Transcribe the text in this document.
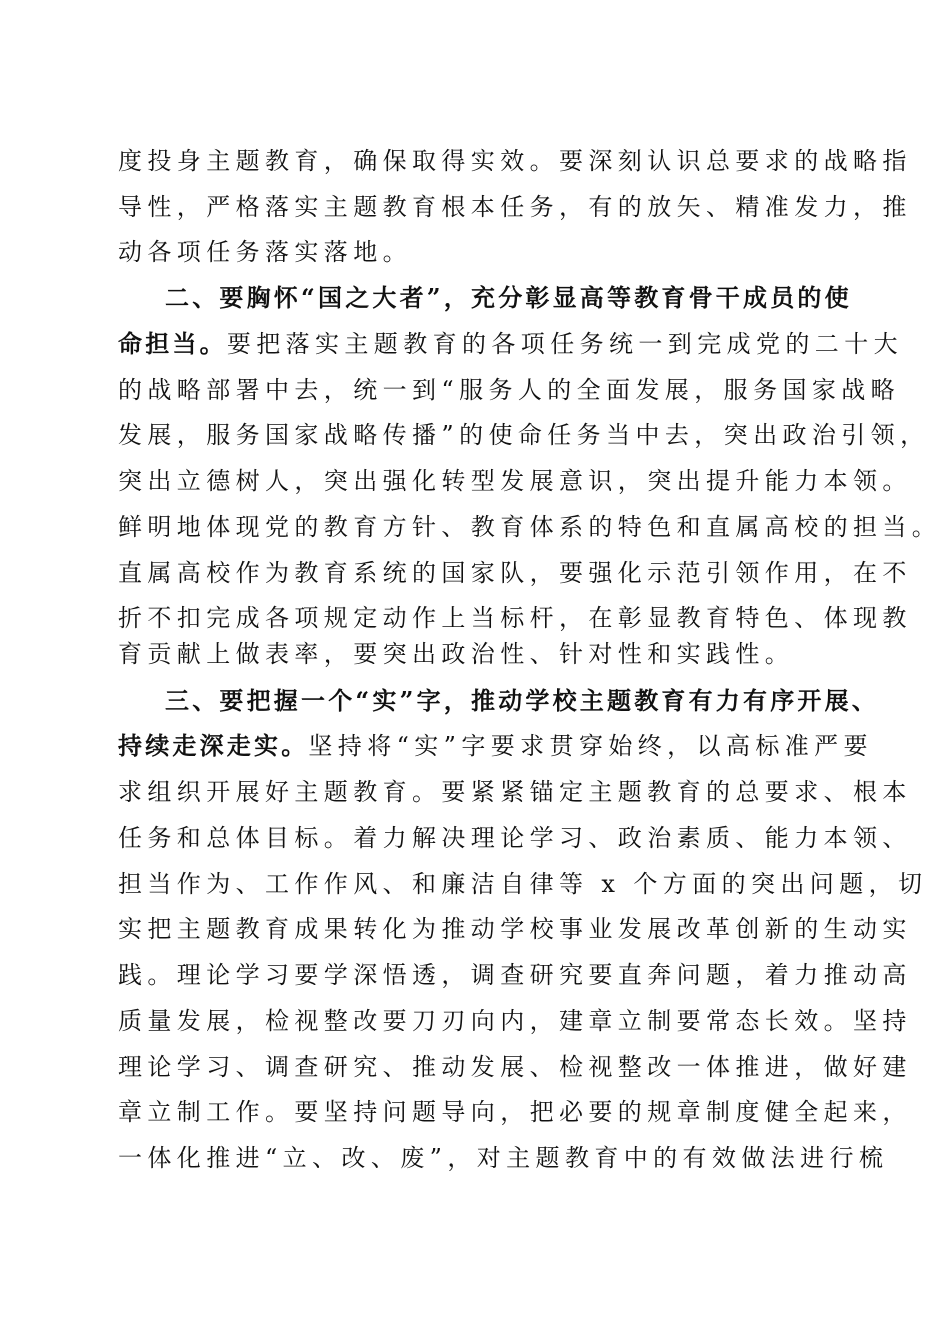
度投身主题教育，确保取得实效。要深刻认识总要求的战略指
导性，严格落实主题教育根本任务，有的放矢、精准发力，推
动各项任务落实落地。
二、要胸怀“国之大者”，充分彰显高等教育骨干成员的使
命担当。要把落实主题教育的各项任务统一到完成党的二十大
的战略部署中去，统一到“服务人的全面发展，服务国家战略
发展，服务国家战略传播”的使命任务当中去，突出政治引领，
突出立德树人，突出强化转型发展意识，突出提升能力本领。
鲜明地体现党的教育方针、教育体系的特色和直属高校的担当。
直属高校作为教育系统的国家队，要强化示范引领作用，在不
折不扣完成各项规定动作上当标杆，在彰显教育特色、体现教
育贡献上做表率，要突出政治性、针对性和实践性。
三、要把握一个“实”字，推动学校主题教育有力有序开展、
持续走深走实。坚持将“实”字要求贯穿始终，以高标准严要
求组织开展好主题教育。要紧紧锚定主题教育的总要求、根本
任务和总体目标。着力解决理论学习、政治素质、能力本领、
担当作为、工作作风、和廉洁自律等 x 个方面的突出问题，切
实把主题教育成果转化为推动学校事业发展改革创新的生动实
践。理论学习要学深悟透，调查研究要直奔问题，着力推动高
质量发展，检视整改要刀刃向内，建章立制要常态长效。坚持
理论学习、调查研究、推动发展、检视整改一体推进，做好建
章立制工作。要坚持问题导向，把必要的规章制度健全起来，
一体化推进“立、改、废”，对主题教育中的有效做法进行梳
